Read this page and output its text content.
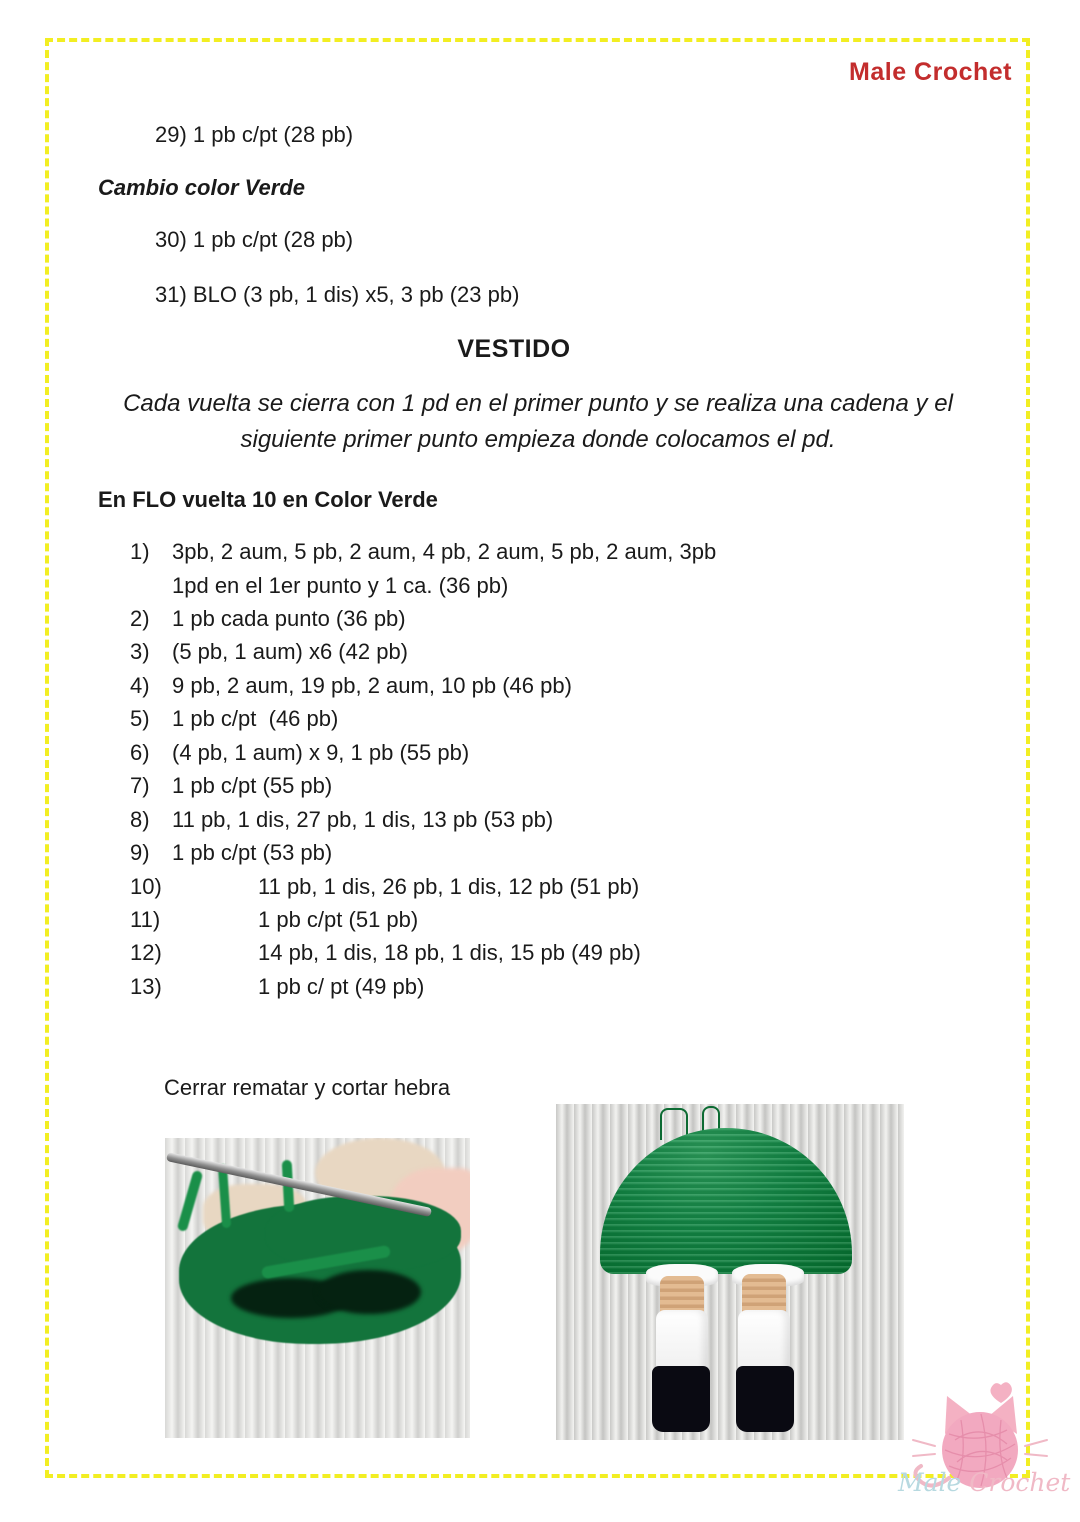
Male Crochet
29) 1 pb c/pt (28 pb)
Cambio color Verde
30) 1 pb c/pt (28 pb)
31) BLO (3 pb, 1 dis) x5, 3 pb (23 pb)
VESTIDO
Cada vuelta se cierra con 1 pd en el primer punto y se realiza una cadena y el siguiente primer punto empieza donde colocamos el pd.
En FLO vuelta 10 en Color Verde
1)	3pb, 2 aum, 5 pb, 2 aum, 4 pb, 2 aum, 5 pb, 2 aum, 3pb
1pd en el 1er punto y 1 ca. (36 pb)
2)	1 pb cada punto (36 pb)
3)	(5 pb, 1 aum) x6 (42 pb)
4)	9 pb, 2 aum, 19 pb, 2 aum, 10 pb (46 pb)
5)	1 pb c/pt  (46 pb)
6)	(4 pb, 1 aum) x 9, 1 pb (55 pb)
7)	1 pb c/pt (55 pb)
8)	11 pb, 1 dis, 27 pb, 1 dis, 13 pb (53 pb)
9)	1 pb c/pt (53 pb)
10)	11 pb, 1 dis, 26 pb, 1 dis, 12 pb (51 pb)
11)	1 pb c/pt (51 pb)
12)	14 pb, 1 dis, 18 pb, 1 dis, 15 pb (49 pb)
13)	1 pb c/ pt (49 pb)
Cerrar rematar y cortar hebra
Male Crochet
